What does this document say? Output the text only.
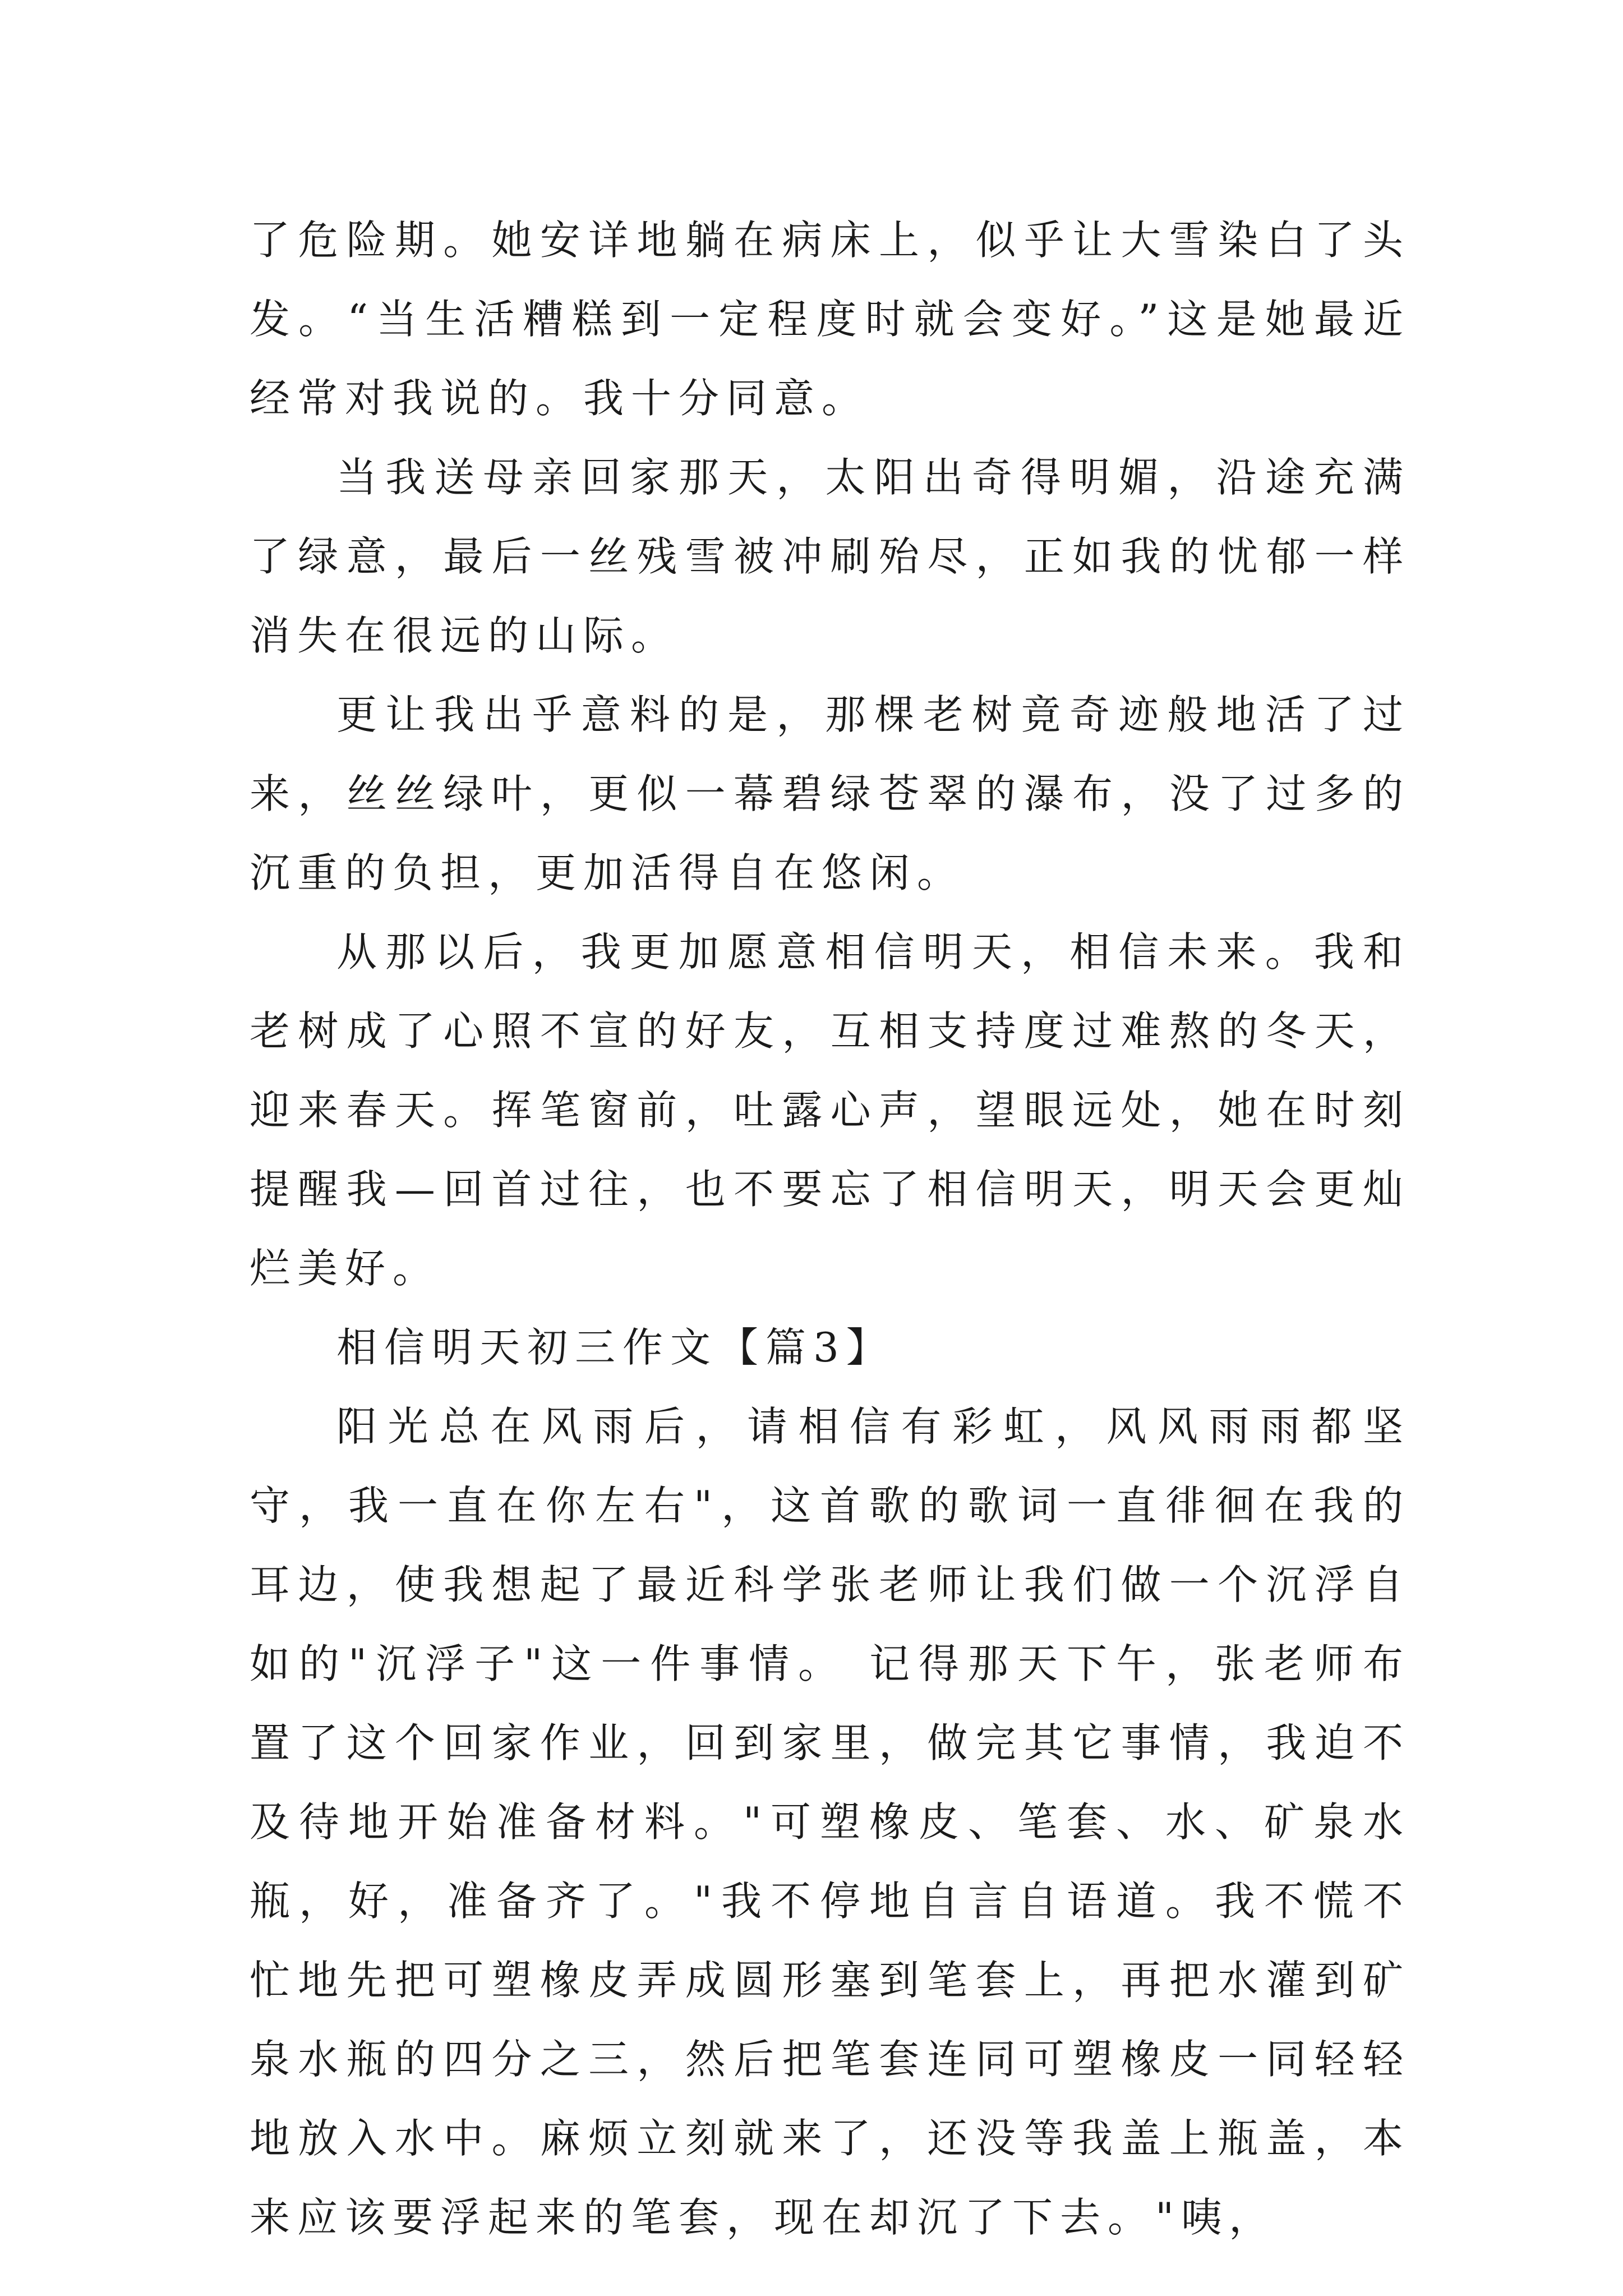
了危险期。她安详地躺在病床上，似乎让大雪染白了头发。“当生活糟糕到一定程度时就会变好。”这是她最近经常对我说的。我十分同意。

当我送母亲回家那天，太阳出奇得明媚，沿途充满了绿意，最后一丝残雪被冲刷殆尽，正如我的忧郁一样消失在很远的山际。

更让我出乎意料的是，那棵老树竟奇迹般地活了过来，丝丝绿叶，更似一幕碧绿苍翠的瀑布，没了过多的沉重的负担，更加活得自在悠闲。

从那以后，我更加愿意相信明天，相信未来。我和老树成了心照不宣的好友，互相支持度过难熬的冬天，迎来春天。挥笔窗前，吐露心声，望眼远处，她在时刻提醒我—回首过往，也不要忘了相信明天，明天会更灿烂美好。

相信明天初三作文【篇3】

阳光总在风雨后，请相信有彩虹，风风雨雨都坚守，我一直在你左右"，这首歌的歌词一直徘徊在我的耳边，使我想起了最近科学张老师让我们做一个沉浮自如的"沉浮子"这一件事情。 记得那天下午，张老师布置了这个回家作业，回到家里，做完其它事情，我迫不及待地开始准备材料。"可塑橡皮、笔套、水、矿泉水瓶，好，准备齐了。"我不停地自言自语道。我不慌不忙地先把可塑橡皮弄成圆形塞到笔套上，再把水灌到矿泉水瓶的四分之三，然后把笔套连同可塑橡皮一同轻轻地放入水中。麻烦立刻就来了，还没等我盖上瓶盖，本来应该要浮起来的笔套，现在却沉了下去。"咦，
